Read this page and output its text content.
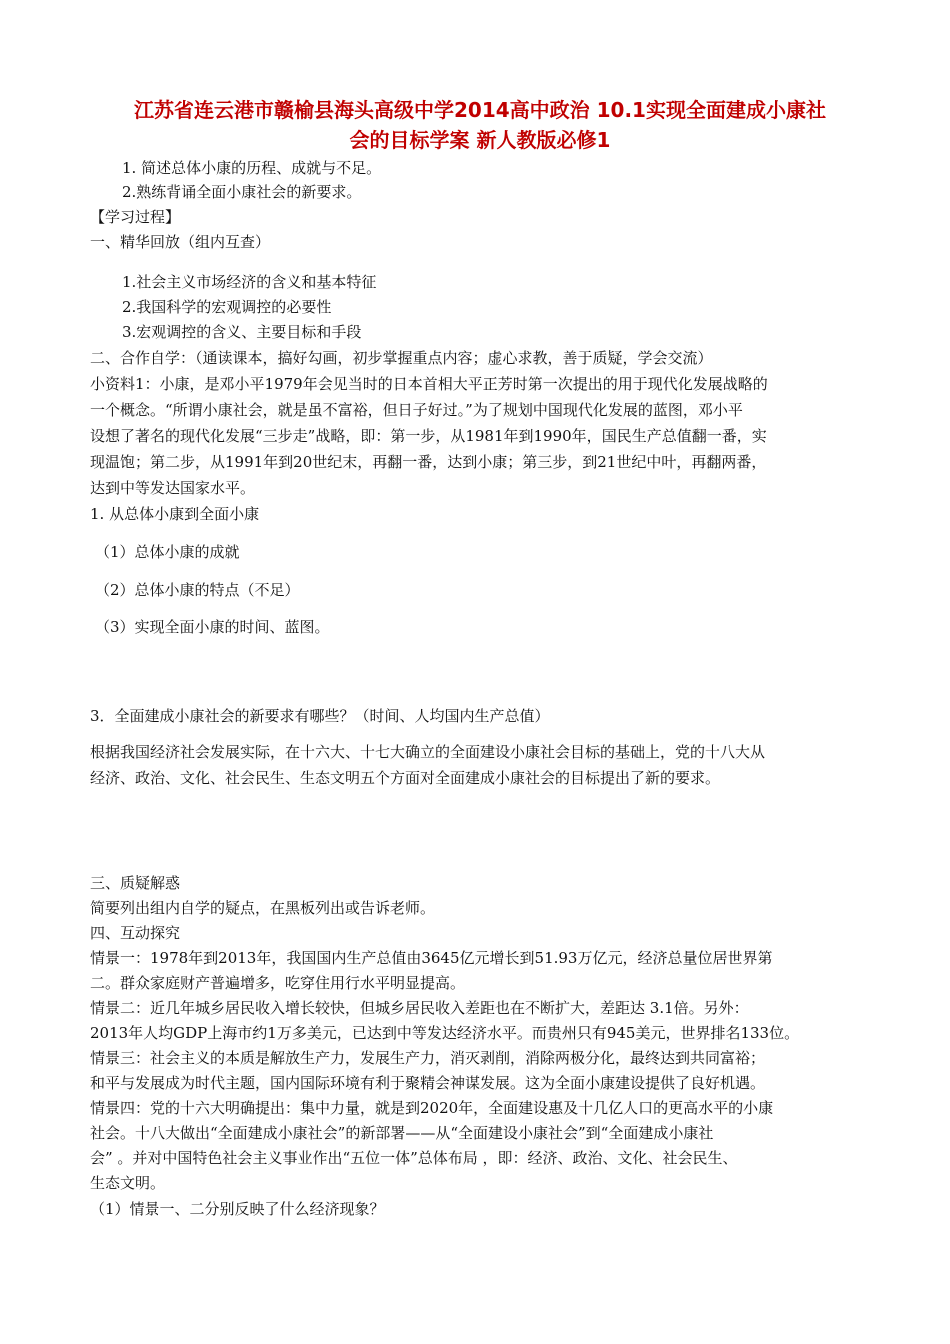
江苏省连云港市赣榆县海头高级中学2014高中政治 10.1实现全面建成小康社
会的目标学案 新人教版必修1
1. 简述总体小康的历程、成就与不足。
2.熟练背诵全面小康社会的新要求。
【学习过程】
一、精华回放（组内互查）
1.社会主义市场经济的含义和基本特征
2.我国科学的宏观调控的必要性
3.宏观调控的含义、主要目标和手段
二、合作自学：（通读课本，搞好勾画，初步掌握重点内容；虚心求教，善于质疑，学会交流）
小资料1：小康，是邓小平1979年会见当时的日本首相大平正芳时第一次提出的用于现代化发展战略的
一个概念。“所谓小康社会，就是虽不富裕，但日子好过。”为了规划中国现代化发展的蓝图，邓小平
设想了著名的现代化发展“三步走”战略，即：第一步，从1981年到1990年，国民生产总值翻一番，实
现温饱；第二步，从1991年到20世纪末，再翻一番，达到小康；第三步，到21世纪中叶，再翻两番，
达到中等发达国家水平。
1. 从总体小康到全面小康
（1）总体小康的成就
（2）总体小康的特点（不足）
（3）实现全面小康的时间、蓝图。
3．全面建成小康社会的新要求有哪些？（时间、人均国内生产总值）
根据我国经济社会发展实际，在十六大、十七大确立的全面建设小康社会目标的基础上，党的十八大从
经济、政治、文化、社会民生、生态文明五个方面对全面建成小康社会的目标提出了新的要求。
三、质疑解惑
简要列出组内自学的疑点，在黑板列出或告诉老师。
四、互动探究
情景一：1978年到2013年，我国国内生产总值由3645亿元增长到51.93万亿元，经济总量位居世界第
二。群众家庭财产普遍增多，吃穿住用行水平明显提高。
情景二：近几年城乡居民收入增长较快，但城乡居民收入差距也在不断扩大，差距达 3.1倍。另外：
2013年人均GDP上海市约1万多美元，已达到中等发达经济水平。而贵州只有945美元，世界排名133位。
情景三：社会主义的本质是解放生产力，发展生产力，消灭剥削，消除两极分化，最终达到共同富裕；
和平与发展成为时代主题，国内国际环境有利于聚精会神谋发展。这为全面小康建设提供了良好机遇。
情景四：党的十六大明确提出：集中力量，就是到2020年，全面建设惠及十几亿人口的更高水平的小康
社会。十八大做出“全面建成小康社会”的新部署——从“全面建设小康社会”到“全面建成小康社
会” 。并对中国特色社会主义事业作出“五位一体”总体布局 ，即：经济、政治、文化、社会民生、
生态文明。
（1）情景一、二分别反映了什么经济现象？
